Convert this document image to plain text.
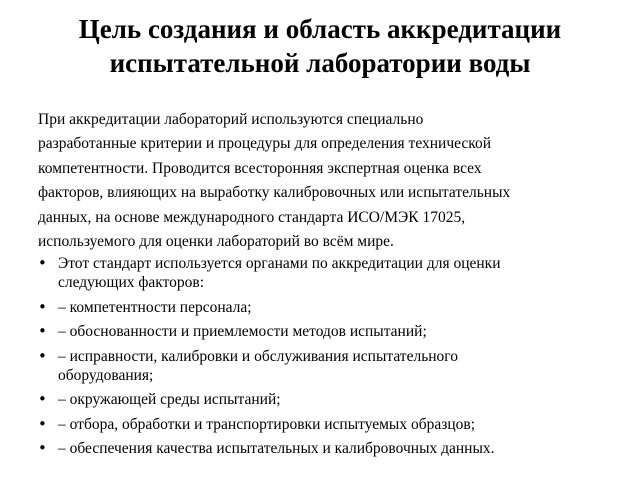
Цель создания и область аккредитации
испытательной лаборатории воды
При аккредитации лабораторий используются специально
разработанные критерии и процедуры для определения технической
компетентности. Проводится всесторонняя экспертная оценка всех
факторов, влияющих на выработку калибровочных или испытательных
данных, на основе международного стандарта ИСО/МЭК 17025,
используемого для оценки лабораторий во всём мире.
• Этот стандарт используется органами по аккредитации для оценки
следующих факторов:
• – компетентности персонала;
• – обоснованности и приемлемости методов испытаний;
• – исправности, калибровки и обслуживания испытательного
оборудования;
• – окружающей среды испытаний;
• – отбора, обработки и транспортировки испытуемых образцов;
• – обеспечения качества испытательных и калибровочных данных.
